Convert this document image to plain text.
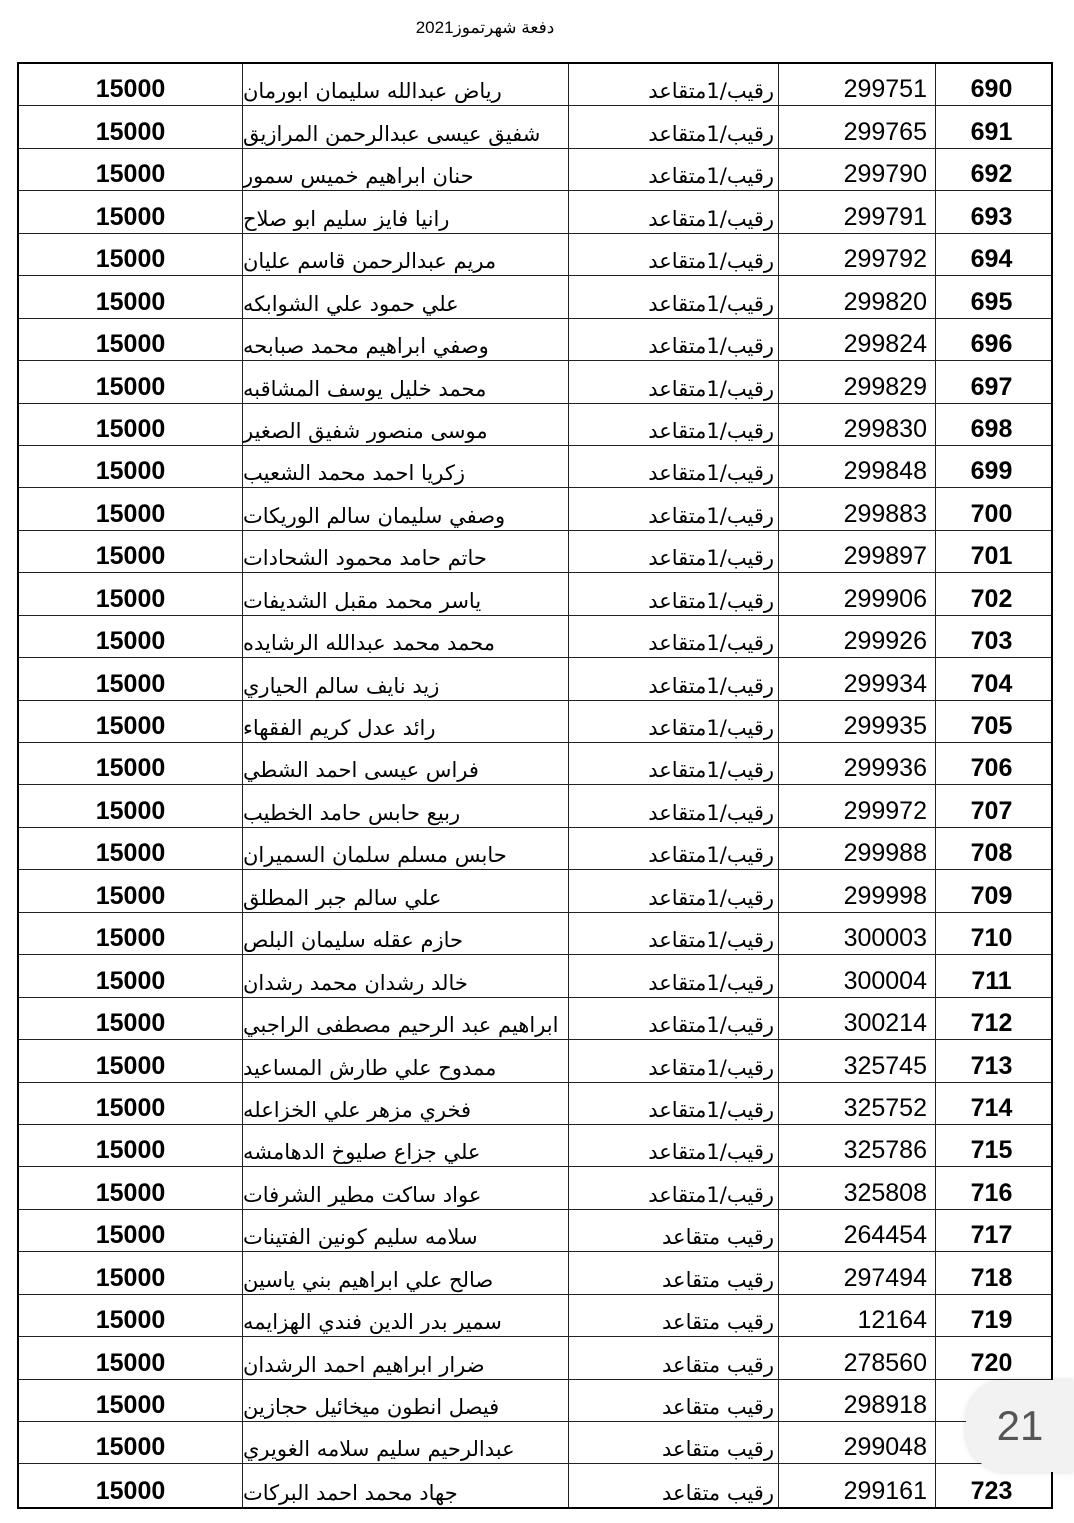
دفعة شهرتموز2021
15000	رياض عبدالله سليمان ابورمان	رقيب/1متقاعد	299751	690
15000	شفيق عيسى عبدالرحمن المرازيق	رقيب/1متقاعد	299765	691
15000	حنان ابراهيم خميس سمور	رقيب/1متقاعد	299790	692
15000	رانيا فايز سليم ابو صلاح	رقيب/1متقاعد	299791	693
15000	مريم عبدالرحمن قاسم عليان	رقيب/1متقاعد	299792	694
15000	علي حمود علي الشوابكه	رقيب/1متقاعد	299820	695
15000	وصفي ابراهيم محمد صبابحه	رقيب/1متقاعد	299824	696
15000	محمد خليل يوسف المشاقبه	رقيب/1متقاعد	299829	697
15000	موسى منصور شفيق الصغير	رقيب/1متقاعد	299830	698
15000	زكريا احمد محمد الشعيب	رقيب/1متقاعد	299848	699
15000	وصفي سليمان سالم الوريكات	رقيب/1متقاعد	299883	700
15000	حاتم حامد محمود الشحادات	رقيب/1متقاعد	299897	701
15000	ياسر محمد مقبل الشديفات	رقيب/1متقاعد	299906	702
15000	محمد محمد عبدالله الرشايده	رقيب/1متقاعد	299926	703
15000	زيد نايف سالم الحياري	رقيب/1متقاعد	299934	704
15000	رائد عدل كريم الفقهاء	رقيب/1متقاعد	299935	705
15000	فراس عيسى احمد الشطي	رقيب/1متقاعد	299936	706
15000	ربيع حابس حامد الخطيب	رقيب/1متقاعد	299972	707
15000	حابس مسلم سلمان السميران	رقيب/1متقاعد	299988	708
15000	علي سالم جبر المطلق	رقيب/1متقاعد	299998	709
15000	حازم عقله سليمان البلص	رقيب/1متقاعد	300003	710
15000	خالد رشدان محمد رشدان	رقيب/1متقاعد	300004	711
15000	ابراهيم عبد الرحيم مصطفى الراجبي	رقيب/1متقاعد	300214	712
15000	ممدوح علي طارش المساعيد	رقيب/1متقاعد	325745	713
15000	فخري مزهر علي الخزاعله	رقيب/1متقاعد	325752	714
15000	علي جزاع صليوخ الدهامشه	رقيب/1متقاعد	325786	715
15000	عواد ساكت مطير الشرفات	رقيب/1متقاعد	325808	716
15000	سلامه سليم كونين الفتينات	رقيب متقاعد	264454	717
15000	صالح علي ابراهيم بني ياسين	رقيب متقاعد	297494	718
15000	سمير بدر الدين فندي الهزايمه	رقيب متقاعد	12164	719
15000	ضرار ابراهيم احمد الرشدان	رقيب متقاعد	278560	720
15000	فيصل انطون ميخائيل حجازين	رقيب متقاعد	298918
15000	عبدالرحيم سليم سلامه الغويري	رقيب متقاعد	299048
15000	جهاد محمد احمد البركات	رقيب متقاعد	299161	723
21
